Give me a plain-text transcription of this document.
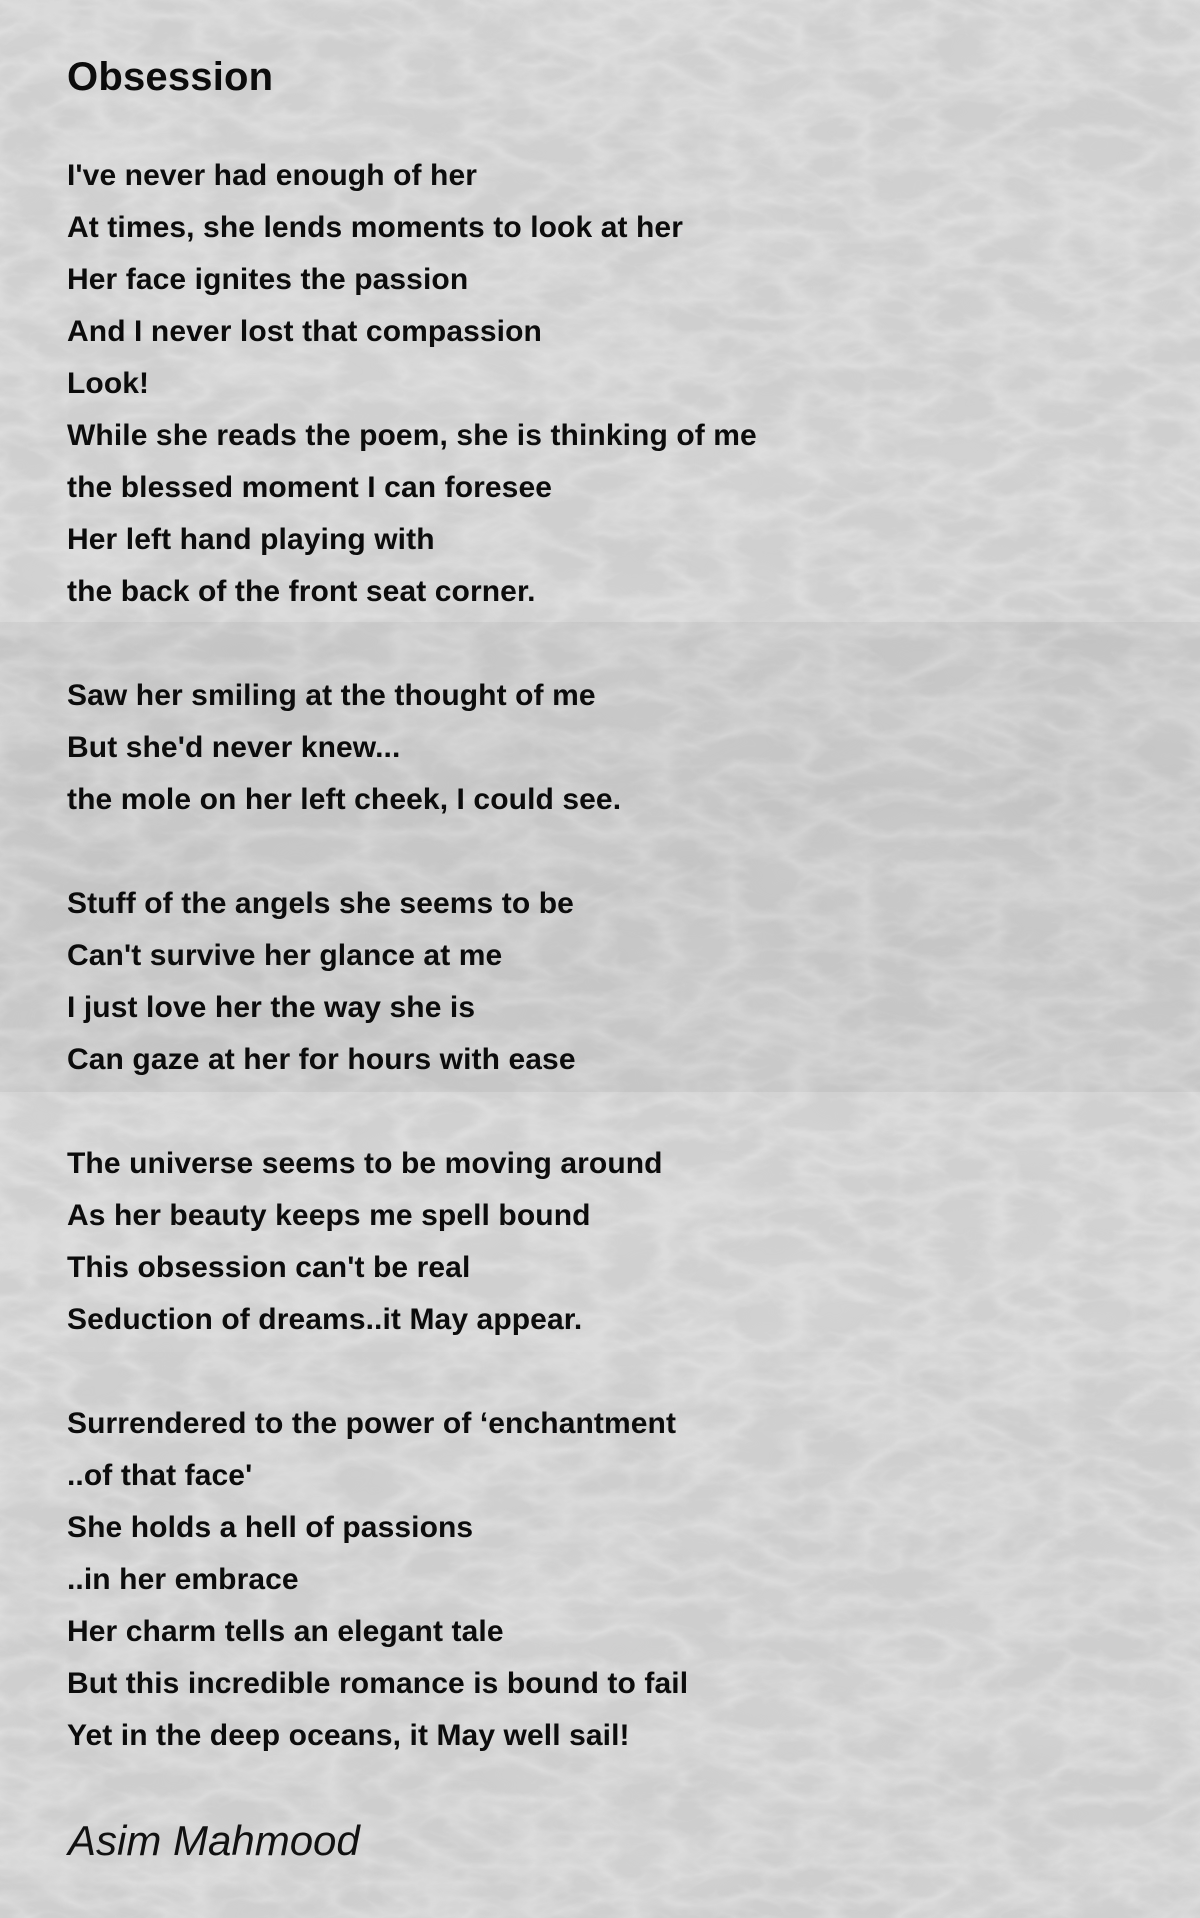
Obsession
I've never had enough of her
At times, she lends moments to look at her
Her face ignites the passion
And I never lost that compassion
Look!
While she reads the poem, she is thinking of me
the blessed moment I can foresee
Her left hand playing with
the back of the front seat corner.
Saw her smiling at the thought of me
But she'd never knew...
the mole on her left cheek, I could see.
Stuff of the angels she seems to be
Can't survive her glance at me
I just love her the way she is
Can gaze at her for hours with ease
The universe seems to be moving around
As her beauty keeps me spell bound
This obsession can't be real
Seduction of dreams..it May appear.
Surrendered to the power of ‘enchantment
..of that face'
She holds a hell of passions
..in her embrace
Her charm tells an elegant tale
But this incredible romance is bound to fail
Yet in the deep oceans, it May well sail!
Asim Mahmood
